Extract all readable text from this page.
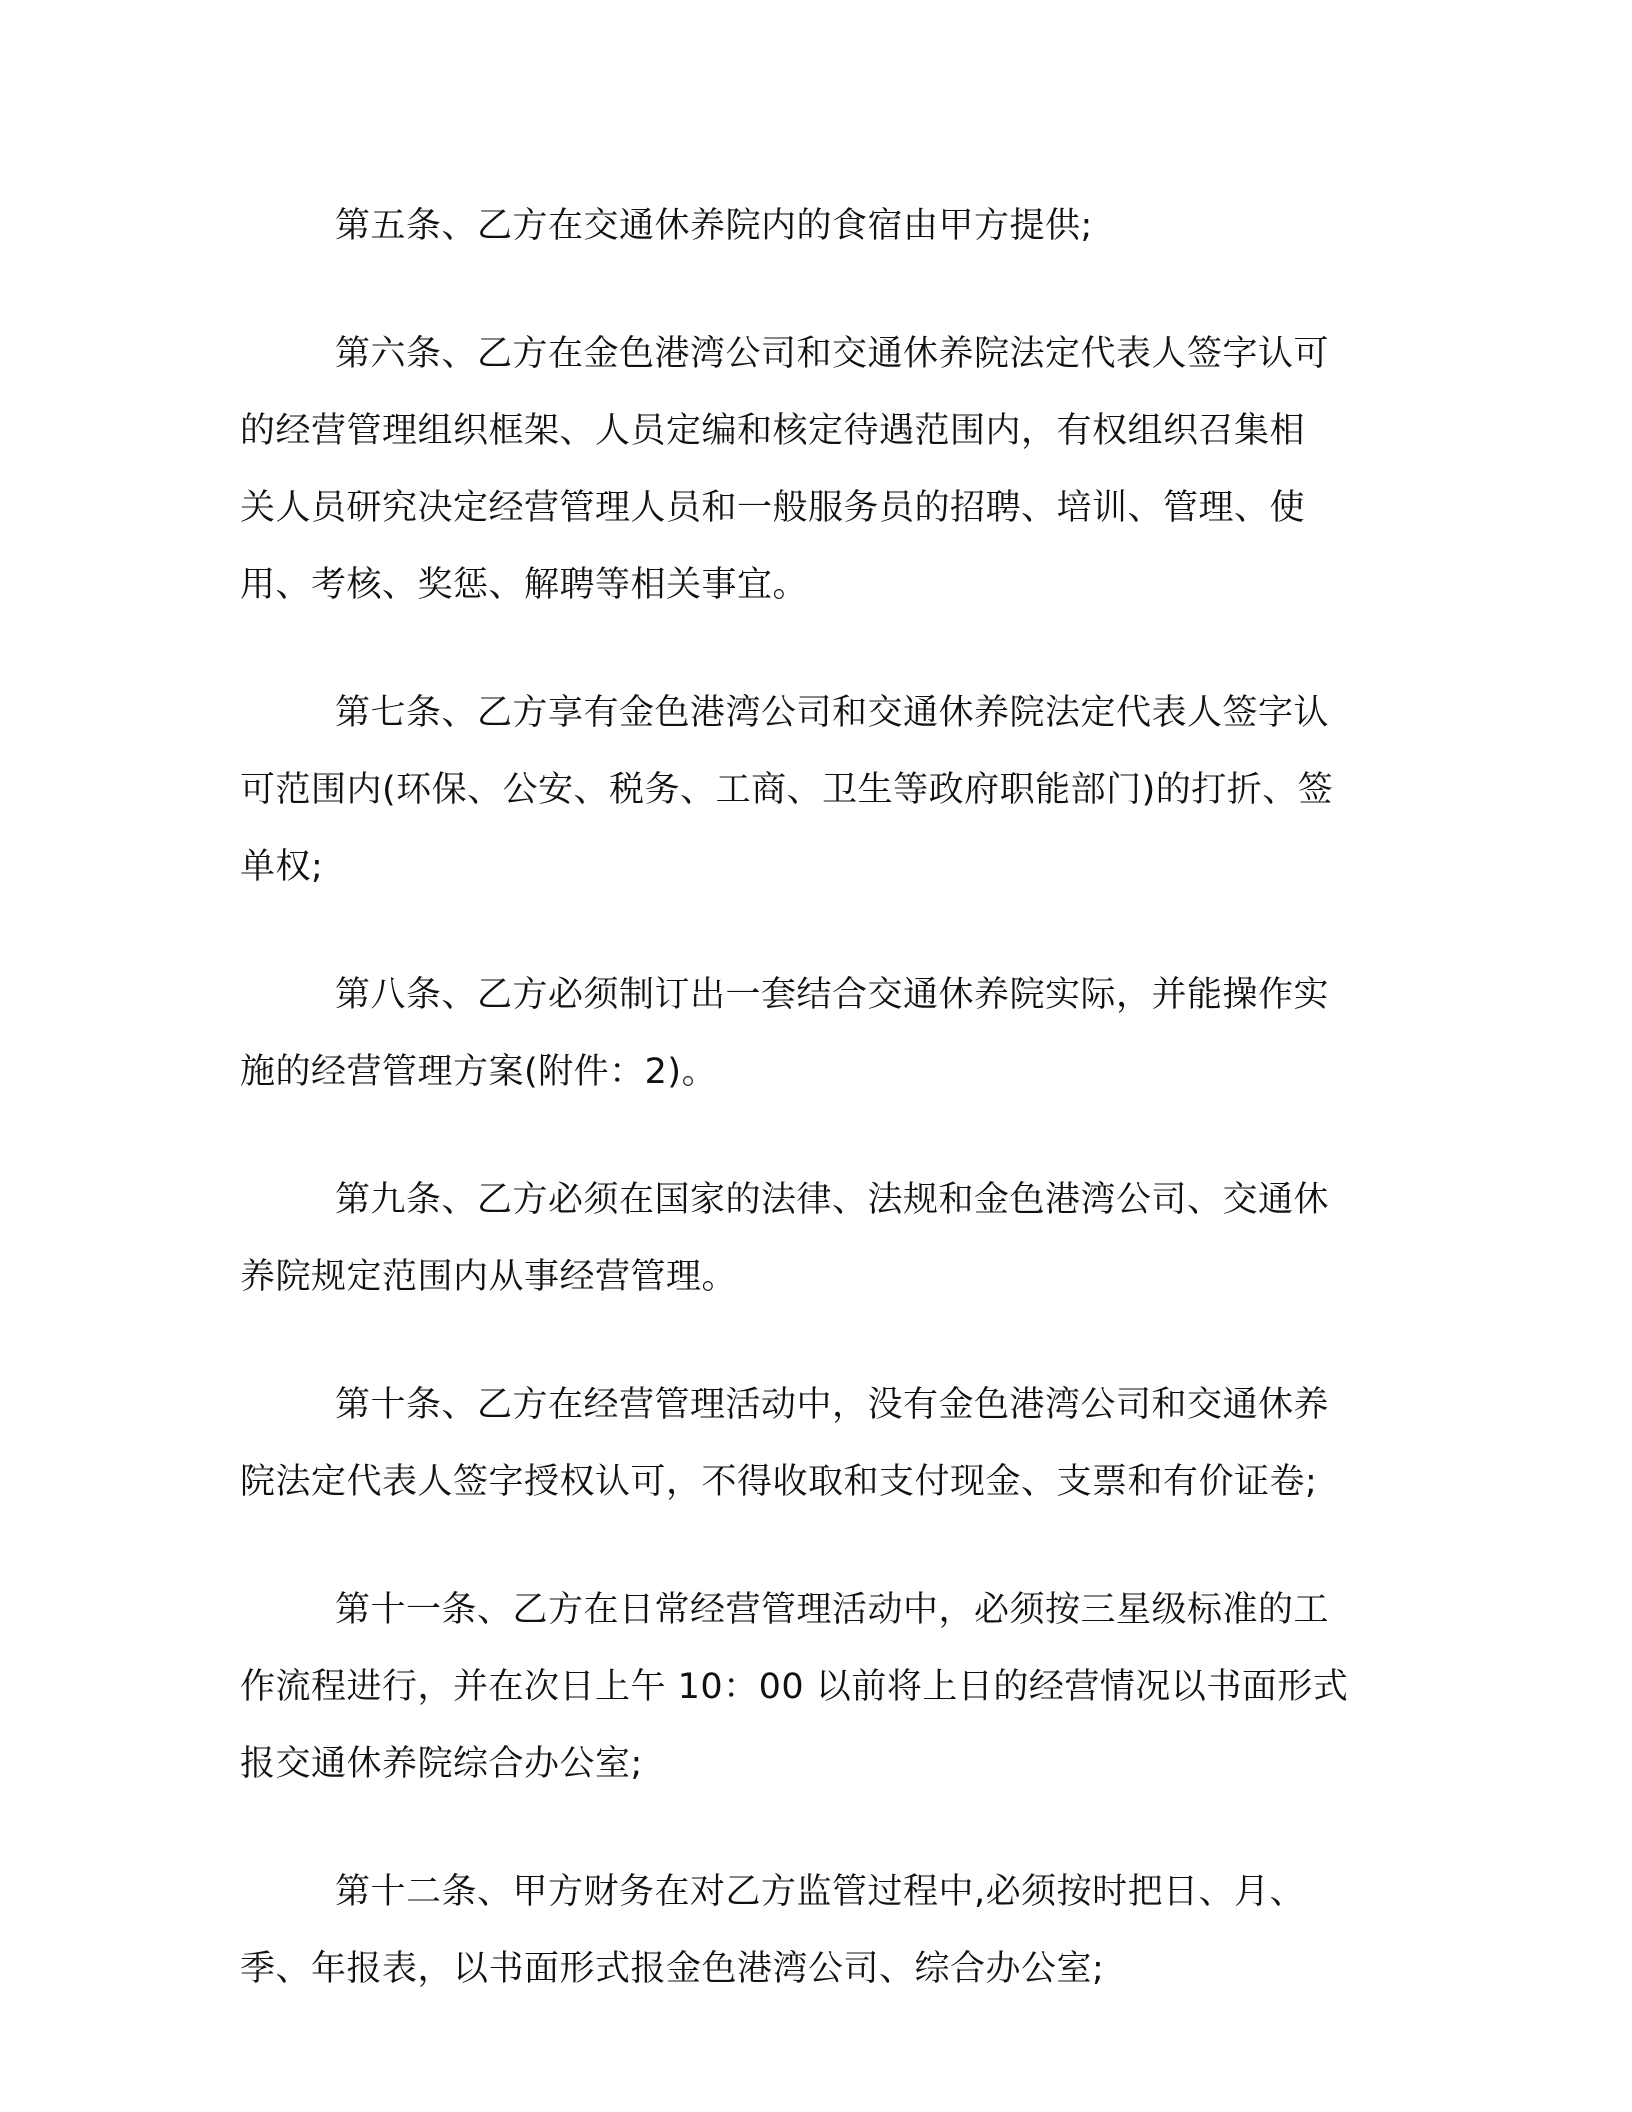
第五条、乙方在交通休养院内的食宿由甲方提供;
第六条、乙方在金色港湾公司和交通休养院法定代表人签字认可
的经营管理组织框架、人员定编和核定待遇范围内，有权组织召集相
关人员研究决定经营管理人员和一般服务员的招聘、培训、管理、使
用、考核、奖惩、解聘等相关事宜。
第七条、乙方享有金色港湾公司和交通休养院法定代表人签字认
可范围内(环保、公安、税务、工商、卫生等政府职能部门)的打折、签
单权;
第八条、乙方必须制订出一套结合交通休养院实际，并能操作实
施的经营管理方案(附件：2)。
第九条、乙方必须在国家的法律、法规和金色港湾公司、交通休
养院规定范围内从事经营管理。
第十条、乙方在经营管理活动中，没有金色港湾公司和交通休养
院法定代表人签字授权认可，不得收取和支付现金、支票和有价证卷;
第十一条、乙方在日常经营管理活动中，必须按三星级标准的工
作流程进行，并在次日上午 10：00 以前将上日的经营情况以书面形式
报交通休养院综合办公室;
第十二条、甲方财务在对乙方监管过程中,必须按时把日、月、
季、年报表，以书面形式报金色港湾公司、综合办公室;
